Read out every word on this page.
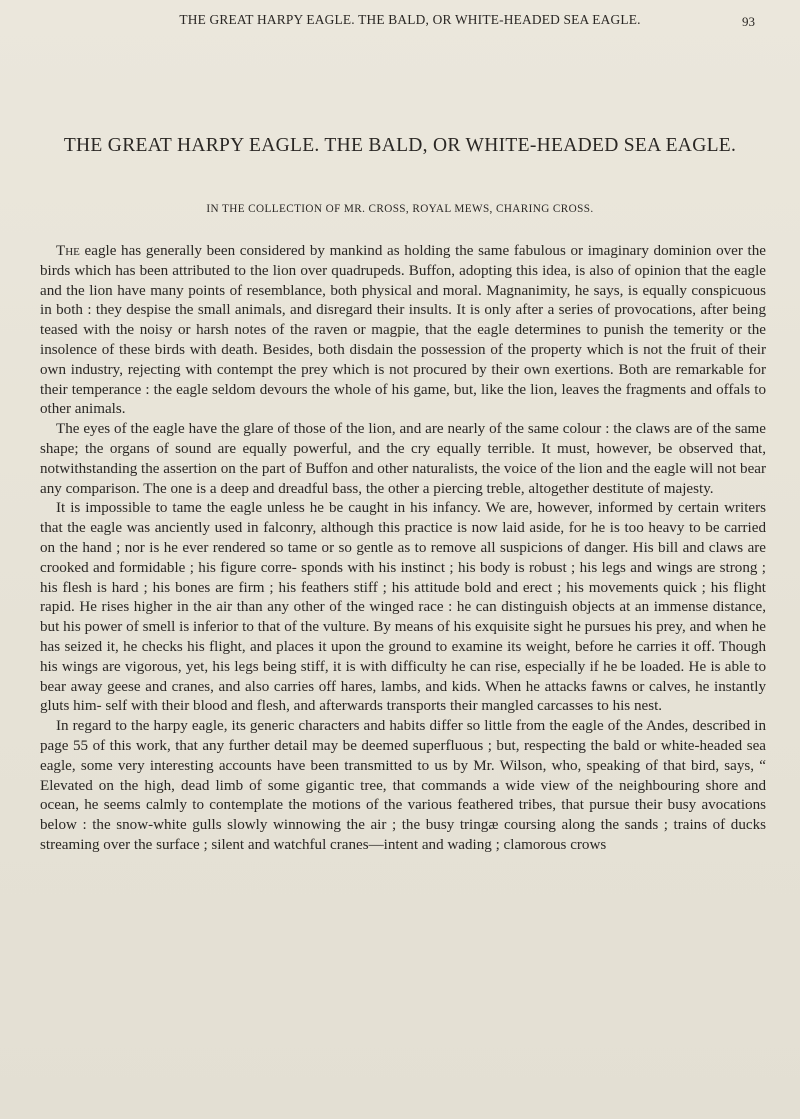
THE GREAT HARPY EAGLE. THE BALD, OR WHITE-HEADED SEA EAGLE.	93
THE GREAT HARPY EAGLE. THE BALD, OR WHITE-HEADED SEA EAGLE.
IN THE COLLECTION OF MR. CROSS, ROYAL MEWS, CHARING CROSS.

The eagle has generally been considered by mankind as holding the same fabulous or imaginary dominion over the birds which has been attributed to the lion over quadrupeds. Buffon, adopting this idea, is also of opinion that the eagle and the lion have many points of resemblance, both physical and moral. Magnanimity, he says, is equally conspicuous in both : they despise the small animals, and disregard their insults. It is only after a series of provocations, after being teased with the noisy or harsh notes of the raven or magpie, that the eagle determines to punish the temerity or the insolence of these birds with death. Besides, both disdain the possession of the property which is not the fruit of their own industry, rejecting with contempt the prey which is not procured by their own exertions. Both are remarkable for their temperance : the eagle seldom devours the whole of his game, but, like the lion, leaves the fragments and offals to other animals.

The eyes of the eagle have the glare of those of the lion, and are nearly of the same colour : the claws are of the same shape; the organs of sound are equally powerful, and the cry equally terrible. It must, however, be observed that, notwithstanding the assertion on the part of Buffon and other naturalists, the voice of the lion and the eagle will not bear any comparison. The one is a deep and dreadful bass, the other a piercing treble, altogether destitute of majesty.

It is impossible to tame the eagle unless he be caught in his infancy. We are, however, informed by certain writers that the eagle was anciently used in falconry, although this practice is now laid aside, for he is too heavy to be carried on the hand ; nor is he ever rendered so tame or so gentle as to remove all suspicions of danger. His bill and claws are crooked and formidable ; his figure corre- sponds with his instinct ; his body is robust ; his legs and wings are strong ; his flesh is hard ; his bones are firm ; his feathers stiff ; his attitude bold and erect ; his movements quick ; his flight rapid. He rises higher in the air than any other of the winged race : he can distinguish objects at an immense distance, but his power of smell is inferior to that of the vulture. By means of his exquisite sight he pursues his prey, and when he has seized it, he checks his flight, and places it upon the ground to examine its weight, before he carries it off. Though his wings are vigorous, yet, his legs being stiff, it is with difficulty he can rise, especially if he be loaded. He is able to bear away geese and cranes, and also carries off hares, lambs, and kids. When he attacks fawns or calves, he instantly gluts him- self with their blood and flesh, and afterwards transports their mangled carcasses to his nest.

In regard to the harpy eagle, its generic characters and habits differ so little from the eagle of the Andes, described in page 55 of this work, that any further detail may be deemed superfluous ; but, respecting the bald or white-headed sea eagle, some very interesting accounts have been transmitted to us by Mr. Wilson, who, speaking of that bird, says, “ Elevated on the high, dead limb of some gigantic tree, that commands a wide view of the neighbouring shore and ocean, he seems calmly to contemplate the motions of the various feathered tribes, that pursue their busy avocations below : the snow-white gulls slowly winnowing the air ; the busy tringæ coursing along the sands ; trains of ducks streaming over the surface ; silent and watchful cranes—intent and wading ; clamorous crows
